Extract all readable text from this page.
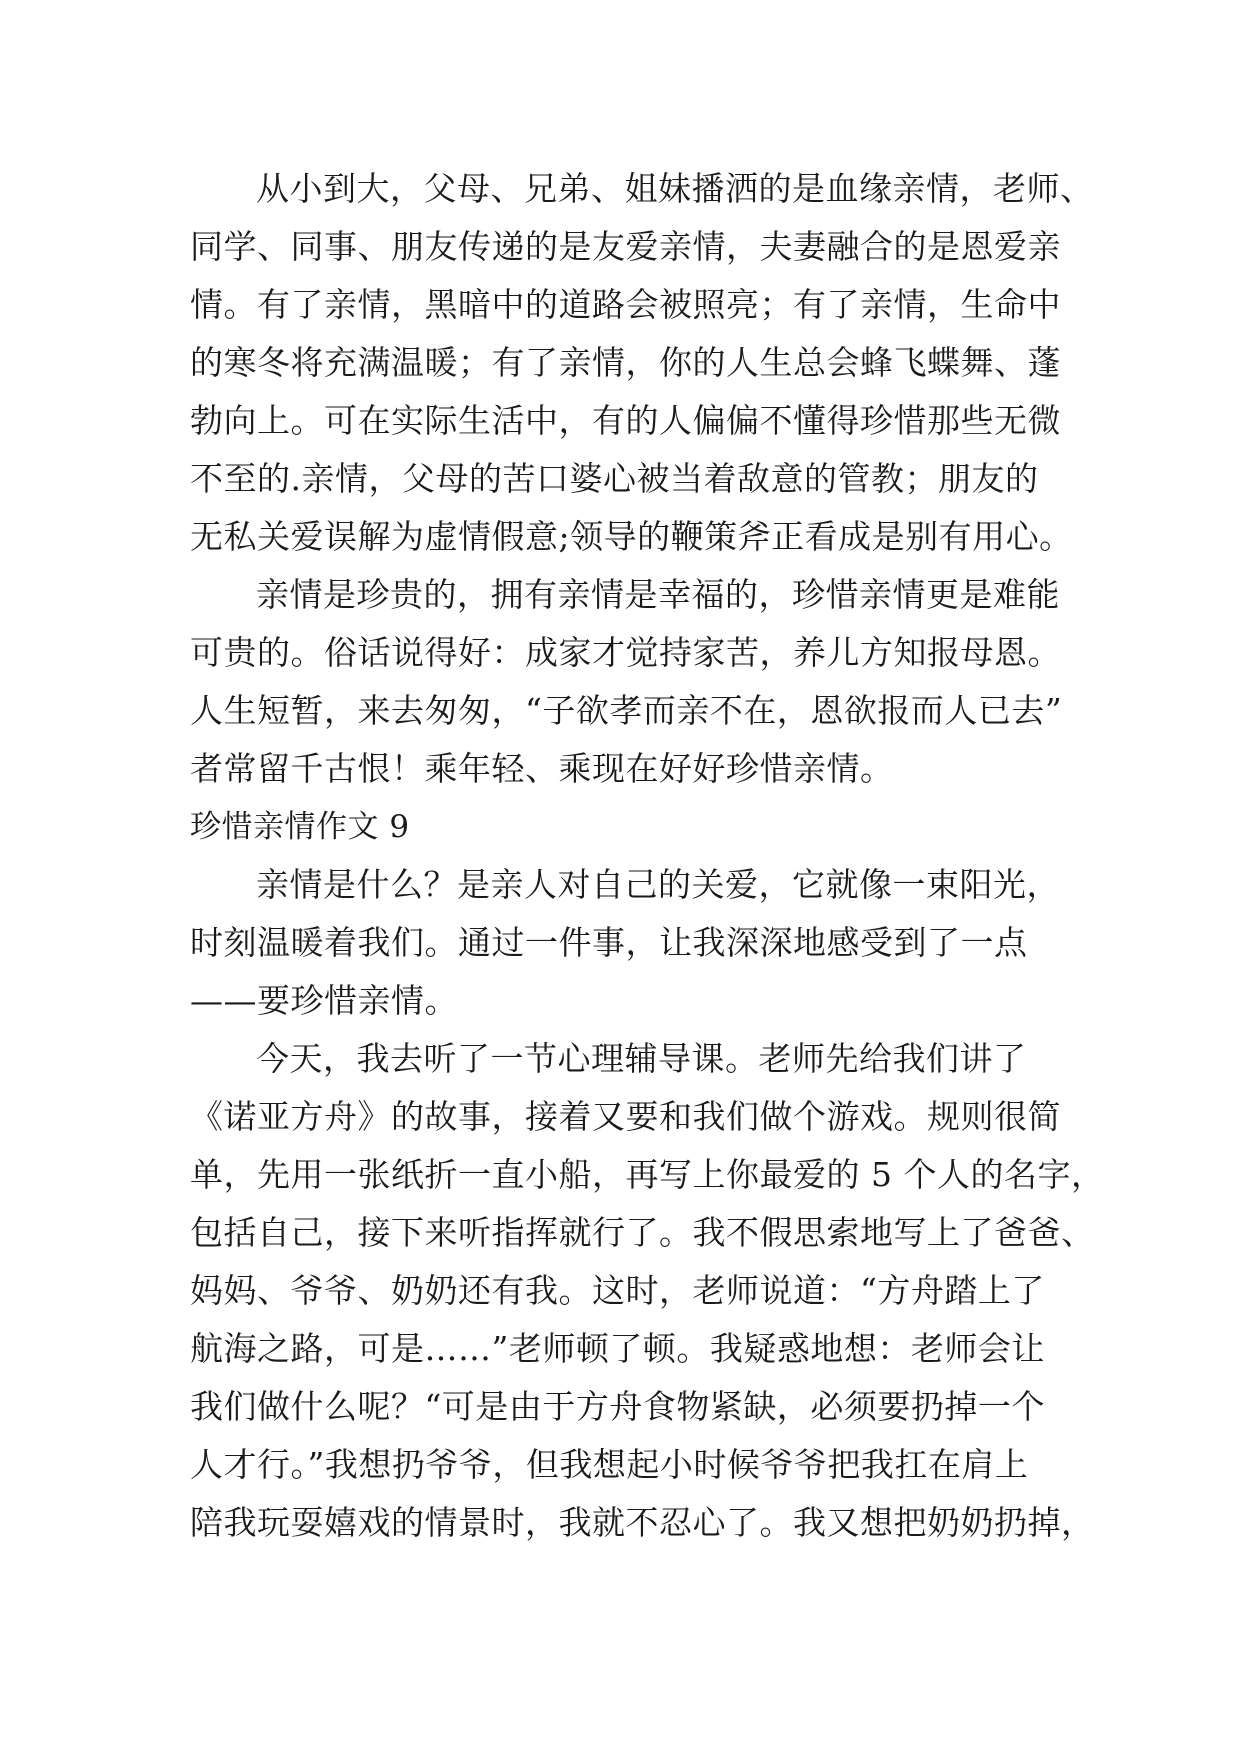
从小到大，父母、兄弟、姐妹播洒的是血缘亲情，老师、
同学、同事、朋友传递的是友爱亲情，夫妻融合的是恩爱亲
情。有了亲情，黑暗中的道路会被照亮；有了亲情，生命中
的寒冬将充满温暖；有了亲情，你的人生总会蜂飞蝶舞、蓬
勃向上。可在实际生活中，有的人偏偏不懂得珍惜那些无微
不至的.亲情，父母的苦口婆心被当着敌意的管教；朋友的
无私关爱误解为虚情假意;领导的鞭策斧正看成是别有用心。
亲情是珍贵的，拥有亲情是幸福的，珍惜亲情更是难能
可贵的。俗话说得好：成家才觉持家苦，养儿方知报母恩。
人生短暂，来去匆匆，“子欲孝而亲不在，恩欲报而人已去”
者常留千古恨！乘年轻、乘现在好好珍惜亲情。
珍惜亲情作文 9
亲情是什么？是亲人对自己的关爱，它就像一束阳光，
时刻温暖着我们。通过一件事，让我深深地感受到了一点
——要珍惜亲情。
今天，我去听了一节心理辅导课。老师先给我们讲了
《诺亚方舟》的故事，接着又要和我们做个游戏。规则很简
单，先用一张纸折一直小船，再写上你最爱的 5 个人的名字，
包括自己，接下来听指挥就行了。我不假思索地写上了爸爸、
妈妈、爷爷、奶奶还有我。这时，老师说道：“方舟踏上了
航海之路，可是……”老师顿了顿。我疑惑地想：老师会让
我们做什么呢？“可是由于方舟食物紧缺，必须要扔掉一个
人才行。”我想扔爷爷，但我想起小时候爷爷把我扛在肩上
陪我玩耍嬉戏的情景时，我就不忍心了。我又想把奶奶扔掉，
